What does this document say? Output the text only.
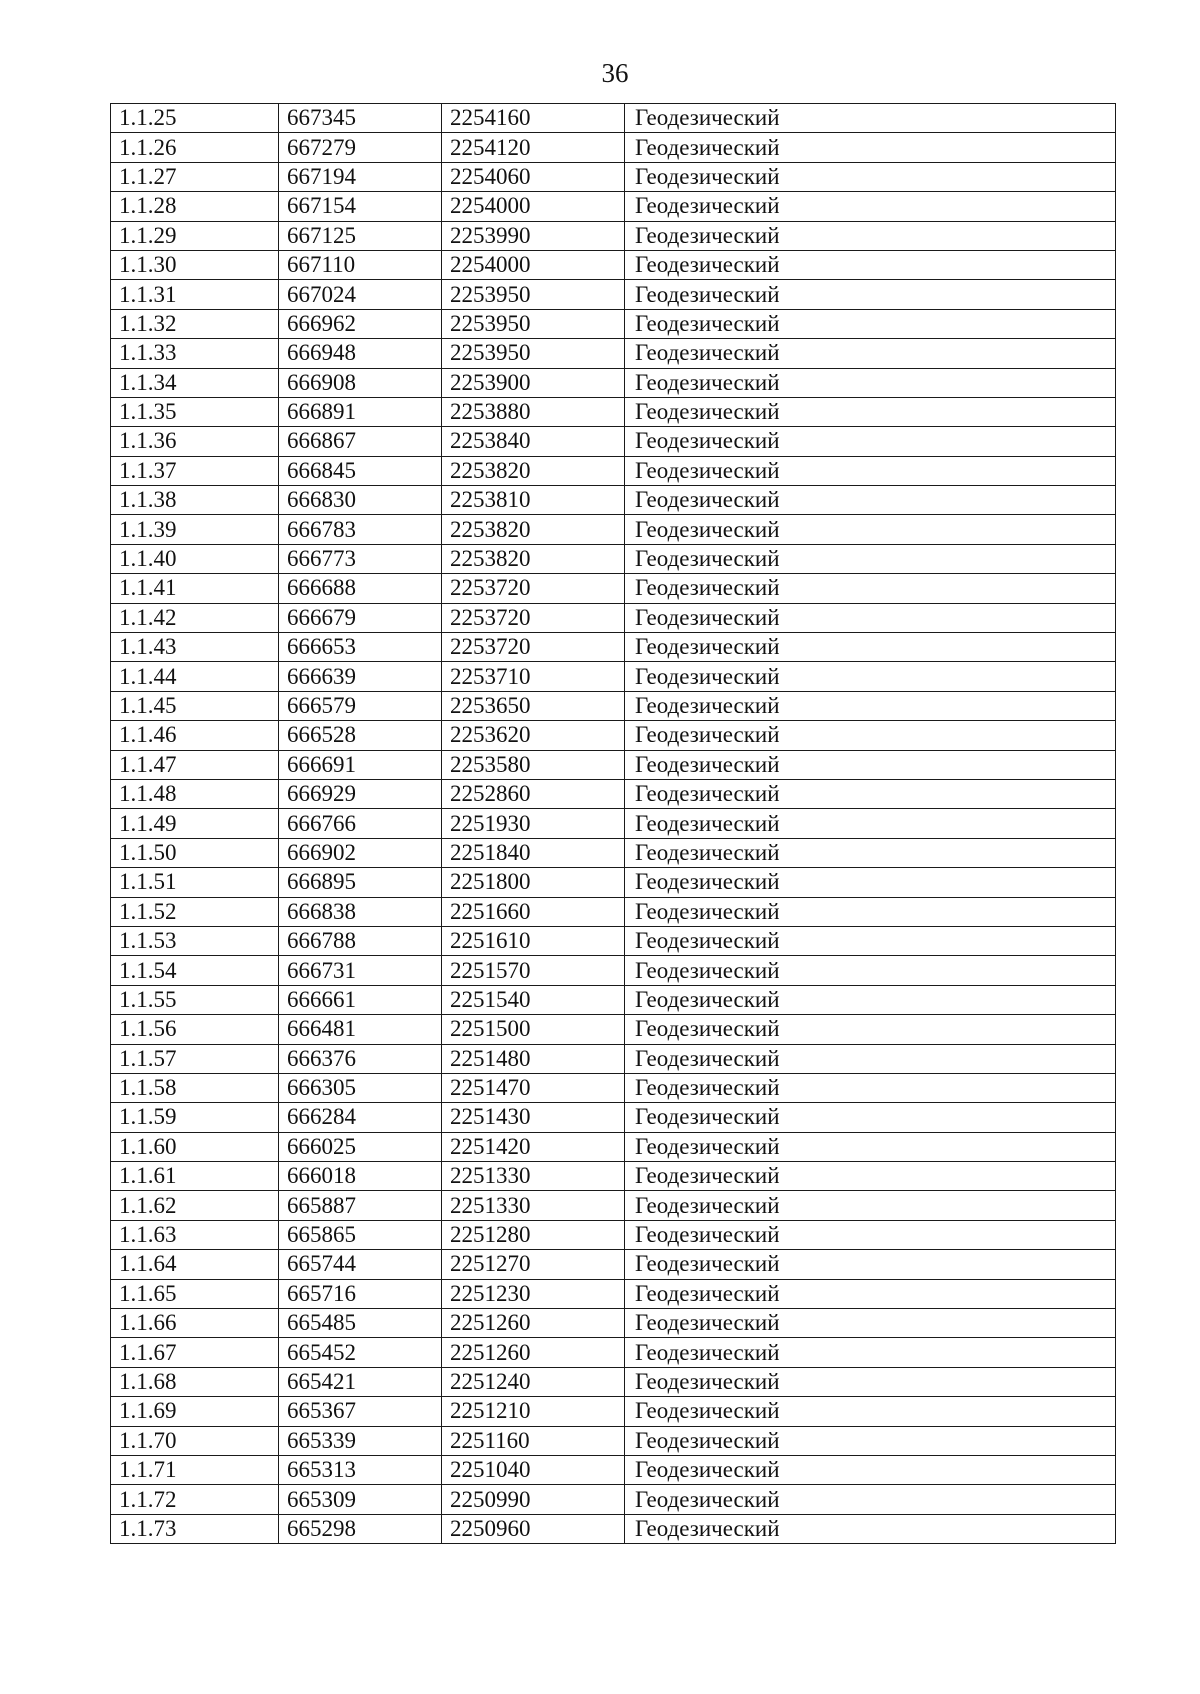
36
1.1.25	667345	2254160	Геодезический
1.1.26	667279	2254120	Геодезический
1.1.27	667194	2254060	Геодезический
1.1.28	667154	2254000	Геодезический
1.1.29	667125	2253990	Геодезический
1.1.30	667110	2254000	Геодезический
1.1.31	667024	2253950	Геодезический
1.1.32	666962	2253950	Геодезический
1.1.33	666948	2253950	Геодезический
1.1.34	666908	2253900	Геодезический
1.1.35	666891	2253880	Геодезический
1.1.36	666867	2253840	Геодезический
1.1.37	666845	2253820	Геодезический
1.1.38	666830	2253810	Геодезический
1.1.39	666783	2253820	Геодезический
1.1.40	666773	2253820	Геодезический
1.1.41	666688	2253720	Геодезический
1.1.42	666679	2253720	Геодезический
1.1.43	666653	2253720	Геодезический
1.1.44	666639	2253710	Геодезический
1.1.45	666579	2253650	Геодезический
1.1.46	666528	2253620	Геодезический
1.1.47	666691	2253580	Геодезический
1.1.48	666929	2252860	Геодезический
1.1.49	666766	2251930	Геодезический
1.1.50	666902	2251840	Геодезический
1.1.51	666895	2251800	Геодезический
1.1.52	666838	2251660	Геодезический
1.1.53	666788	2251610	Геодезический
1.1.54	666731	2251570	Геодезический
1.1.55	666661	2251540	Геодезический
1.1.56	666481	2251500	Геодезический
1.1.57	666376	2251480	Геодезический
1.1.58	666305	2251470	Геодезический
1.1.59	666284	2251430	Геодезический
1.1.60	666025	2251420	Геодезический
1.1.61	666018	2251330	Геодезический
1.1.62	665887	2251330	Геодезический
1.1.63	665865	2251280	Геодезический
1.1.64	665744	2251270	Геодезический
1.1.65	665716	2251230	Геодезический
1.1.66	665485	2251260	Геодезический
1.1.67	665452	2251260	Геодезический
1.1.68	665421	2251240	Геодезический
1.1.69	665367	2251210	Геодезический
1.1.70	665339	2251160	Геодезический
1.1.71	665313	2251040	Геодезический
1.1.72	665309	2250990	Геодезический
1.1.73	665298	2250960	Геодезический
